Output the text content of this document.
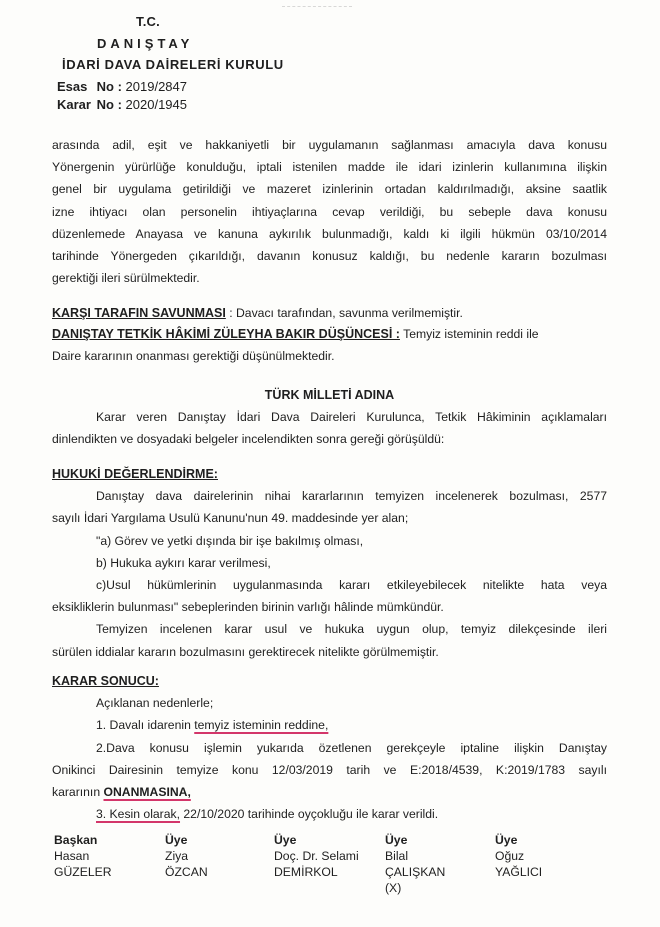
T.C.
DANIŞTAY
İDARİ DAVA DAİRELERİ KURULU
Esas No : 2019/2847
Karar No : 2020/1945
arasında adil, eşit ve hakkaniyetli bir uygulamanın sağlanması amacıyla dava konusu
Yönergenin yürürlüğe konulduğu, iptali istenilen madde ile idari izinlerin kullanımına ilişkin
genel bir uygulama getirildiği ve mazeret izinlerinin ortadan kaldırılmadığı, aksine saatlik
izne ihtiyacı olan personelin ihtiyaçlarına cevap verildiği, bu sebeple dava konusu
düzenlemede Anayasa ve kanuna aykırılık bulunmadığı, kaldı ki ilgili hükmün 03/10/2014
tarihinde Yönergeden çıkarıldığı, davanın konusuz kaldığı, bu nedenle kararın bozulması
gerektiği ileri sürülmektedir.
KARŞI TARAFIN SAVUNMASI : Davacı tarafından, savunma verilmemiştir.
DANIŞTAY TETKİK HÂKİMİ ZÜLEYHA BAKIR DÜŞÜNCESİ : Temyiz isteminin reddi ile
Daire kararının onanması gerektiği düşünülmektedir.
TÜRK MİLLETİ ADINA
Karar veren Danıştay İdari Dava Daireleri Kurulunca, Tetkik Hâkiminin açıklamaları
dinlendikten ve dosyadaki belgeler incelendikten sonra gereği görüşüldü:
HUKUKİ DEĞERLENDİRME:
Danıştay dava dairelerinin nihai kararlarının temyizen incelenerek bozulması, 2577
sayılı İdari Yargılama Usulü Kanunu'nun 49. maddesinde yer alan;
"a) Görev ve yetki dışında bir işe bakılmış olması,
b) Hukuka aykırı karar verilmesi,
c)Usul hükümlerinin uygulanmasında kararı etkileyebilecek nitelikte hata veya
eksikliklerin bulunması" sebeplerinden birinin varlığı hâlinde mümkündür.
Temyizen incelenen karar usul ve hukuka uygun olup, temyiz dilekçesinde ileri
sürülen iddialar kararın bozulmasını gerektirecek nitelikte görülmemiştir.
KARAR SONUCU:
Açıklanan nedenlerle;
1. Davalı idarenin temyiz isteminin reddine,
2.Dava konusu işlemin yukarıda özetlenen gerekçeyle iptaline ilişkin Danıştay
Onikinci Dairesinin temyize konu 12/03/2019 tarih ve E:2018/4539, K:2019/1783 sayılı
kararının ONANMASINA,
3. Kesin olarak, 22/10/2020 tarihinde oyçokluğu ile karar verildi.
Başkan
Hasan
GÜZELER
Üye
Ziya
ÖZCAN
Üye
Doç. Dr. Selami
DEMİRKOL
Üye
Bilal
ÇALIŞKAN
(X)
Üye
Oğuz
YAĞLICI
